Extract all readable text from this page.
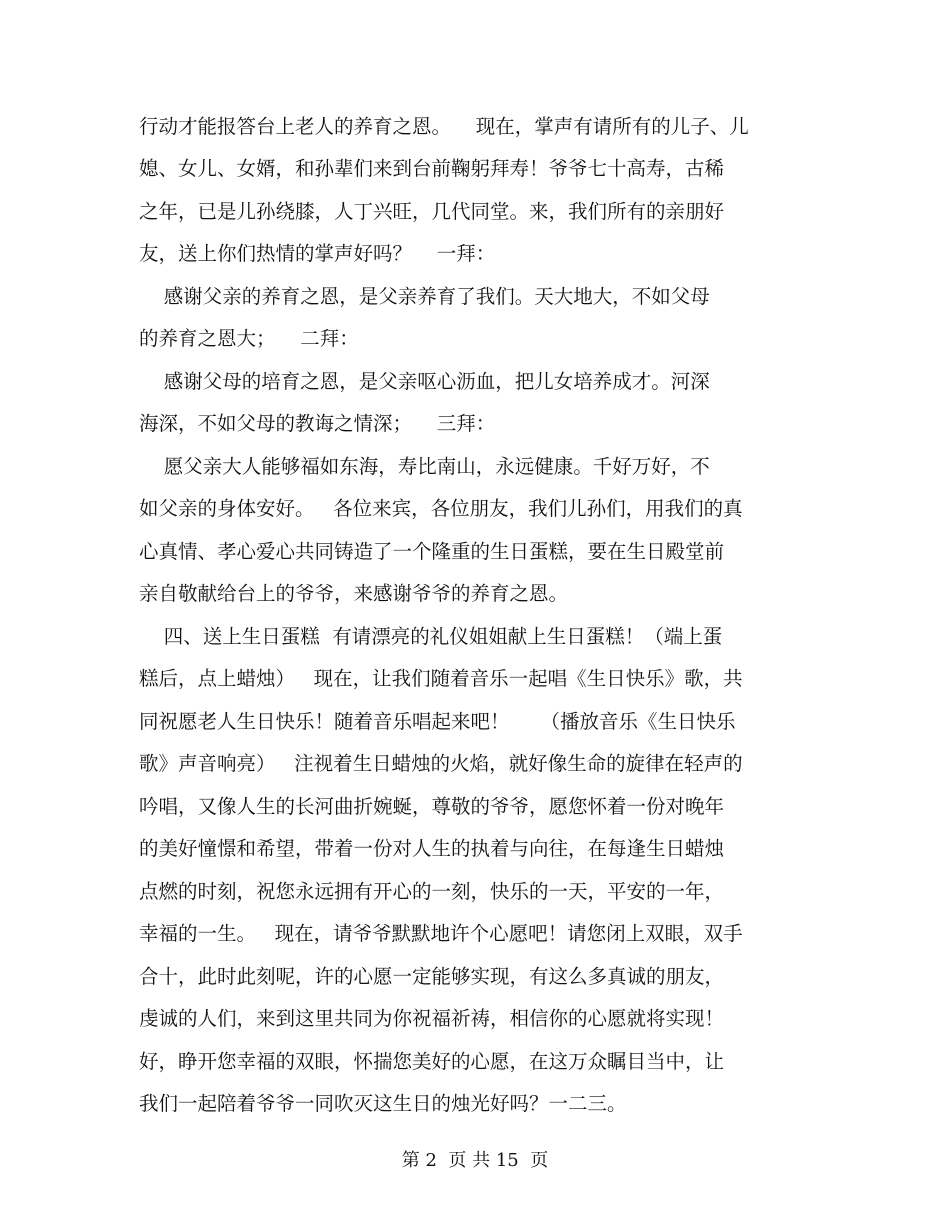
行动才能报答台上老人的养育之恩。    现在，掌声有请所有的儿子、儿
媳、女儿、女婿，和孙辈们来到台前鞠躬拜寿！爷爷七十高寿，古稀
之年，已是儿孙绕膝，人丁兴旺，几代同堂。来，我们所有的亲朋好
友，送上你们热情的掌声好吗？    一拜：
感谢父亲的养育之恩，是父亲养育了我们。天大地大，不如父母
的养育之恩大；    二拜：
感谢父母的培育之恩，是父亲呕心沥血，把儿女培养成才。河深
海深，不如父母的教诲之情深；    三拜：
愿父亲大人能够福如东海，寿比南山，永远健康。千好万好，不
如父亲的身体安好。   各位来宾，各位朋友，我们儿孙们，用我们的真
心真情、孝心爱心共同铸造了一个隆重的生日蛋糕，要在生日殿堂前
亲自敬献给台上的爷爷，来感谢爷爷的养育之恩。
四、送上生日蛋糕  有请漂亮的礼仪姐姐献上生日蛋糕！（端上蛋
糕后，点上蜡烛）   现在，让我们随着音乐一起唱《生日快乐》歌，共
同祝愿老人生日快乐！随着音乐唱起来吧！     （播放音乐《生日快乐
歌》声音响亮）   注视着生日蜡烛的火焰，就好像生命的旋律在轻声的
吟唱，又像人生的长河曲折婉蜒，尊敬的爷爷，愿您怀着一份对晚年
的美好憧憬和希望，带着一份对人生的执着与向往，在每逢生日蜡烛
点燃的时刻，祝您永远拥有开心的一刻，快乐的一天，平安的一年，
幸福的一生。   现在，请爷爷默默地许个心愿吧！请您闭上双眼，双手
合十，此时此刻呢，许的心愿一定能够实现，有这么多真诚的朋友，
虔诚的人们，来到这里共同为你祝福祈祷，相信你的心愿就将实现！
好，睁开您幸福的双眼，怀揣您美好的心愿，在这万众瞩目当中，让
我们一起陪着爷爷一同吹灭这生日的烛光好吗？一二三。
第 2  页 共 15  页
